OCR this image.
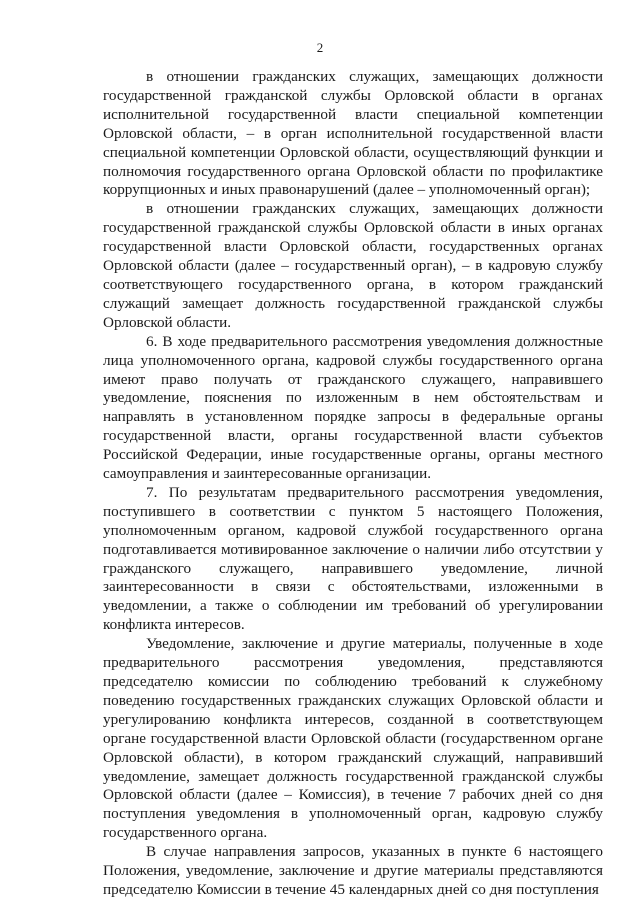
2

в отношении гражданских служащих, замещающих должности государственной гражданской службы Орловской области в органах исполнительной государственной власти специальной компетенции Орловской области, – в орган исполнительной государственной власти специальной компетенции Орловской области, осуществляющий функции и полномочия государственного органа Орловской области по профилактике коррупционных и иных правонарушений (далее – уполномоченный орган);

в отношении гражданских служащих, замещающих должности государственной гражданской службы Орловской области в иных органах государственной власти Орловской области, государственных органах Орловской области (далее – государственный орган), – в кадровую службу соответствующего государственного органа, в котором гражданский служащий замещает должность государственной гражданской службы Орловской области.

6. В ходе предварительного рассмотрения уведомления должностные лица уполномоченного органа, кадровой службы государственного органа имеют право получать от гражданского служащего, направившего уведомление, пояснения по изложенным в нем обстоятельствам и направлять в установленном порядке запросы в федеральные органы государственной власти, органы государственной власти субъектов Российской Федерации, иные государственные органы, органы местного самоуправления и заинтересованные организации.

7. По результатам предварительного рассмотрения уведомления, поступившего в соответствии с пунктом 5 настоящего Положения, уполномоченным органом, кадровой службой государственного органа подготавливается мотивированное заключение о наличии либо отсутствии у гражданского служащего, направившего уведомление, личной заинтересованности в связи с обстоятельствами, изложенными в уведомлении, а также о соблюдении им требований об урегулировании конфликта интересов.

Уведомление, заключение и другие материалы, полученные в ходе предварительного рассмотрения уведомления, представляются председателю комиссии по соблюдению требований к служебному поведению государственных гражданских служащих Орловской области и урегулированию конфликта интересов, созданной в соответствующем органе государственной власти Орловской области (государственном органе Орловской области), в котором гражданский служащий, направивший уведомление, замещает должность государственной гражданской службы Орловской области (далее – Комиссия), в течение 7 рабочих дней со дня поступления уведомления в уполномоченный орган, кадровую службу государственного органа.

В случае направления запросов, указанных в пункте 6 настоящего Положения, уведомление, заключение и другие материалы представляются председателю Комиссии в течение 45 календарных дней со дня поступления
